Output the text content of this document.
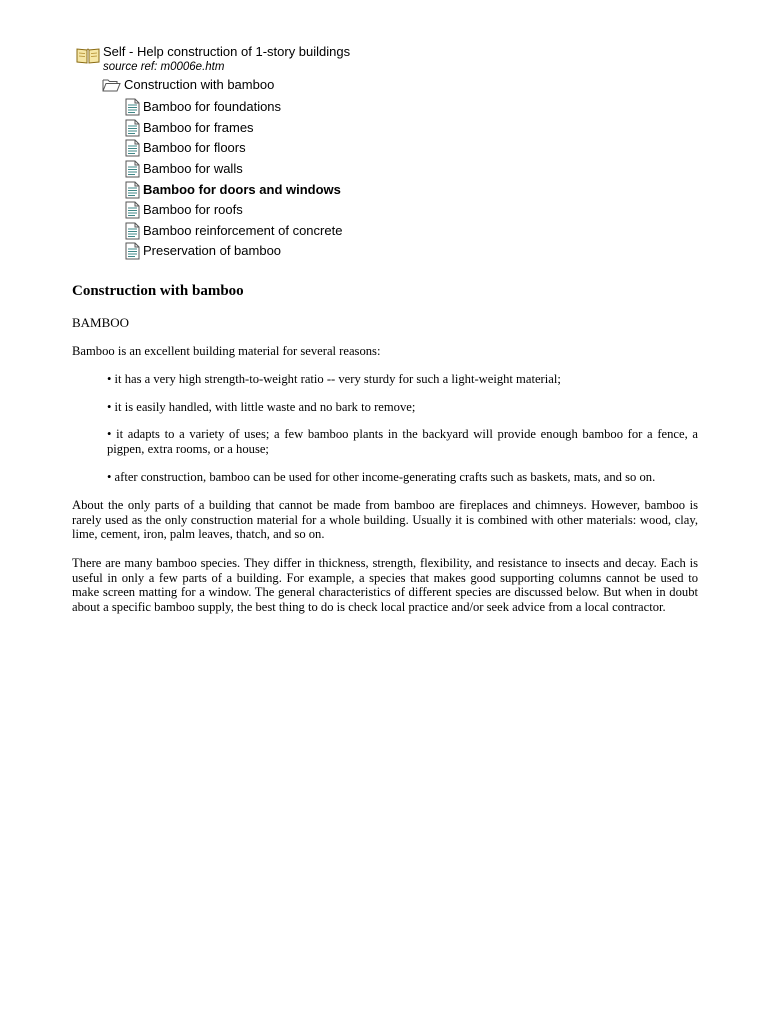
Self - Help construction of 1-story buildings
source ref: m0006e.htm
Construction with bamboo
Bamboo for foundations
Bamboo for frames
Bamboo for floors
Bamboo for walls
Bamboo for doors and windows
Bamboo for roofs
Bamboo reinforcement of concrete
Preservation of bamboo
Construction with bamboo

BAMBOO

Bamboo is an excellent building material for several reasons:

• it has a very high strength-to-weight ratio -- very sturdy for such a light-weight material;

• it is easily handled, with little waste and no bark to remove;

• it adapts to a variety of uses; a few bamboo plants in the backyard will provide enough bamboo for a fence, a pigpen, extra rooms, or a house;

• after construction, bamboo can be used for other income-generating crafts such as baskets, mats, and so on.

About the only parts of a building that cannot be made from bamboo are fireplaces and chimneys. However, bamboo is rarely used as the only construction material for a whole building. Usually it is combined with other materials: wood, clay, lime, cement, iron, palm leaves, thatch, and so on.

There are many bamboo species. They differ in thickness, strength, flexibility, and resistance to insects and decay. Each is useful in only a few parts of a building. For example, a species that makes good supporting columns cannot be used to make screen matting for a window. The general characteristics of different species are discussed below. But when in doubt about a specific bamboo supply, the best thing to do is check local practice and/or seek advice from a local contractor.
